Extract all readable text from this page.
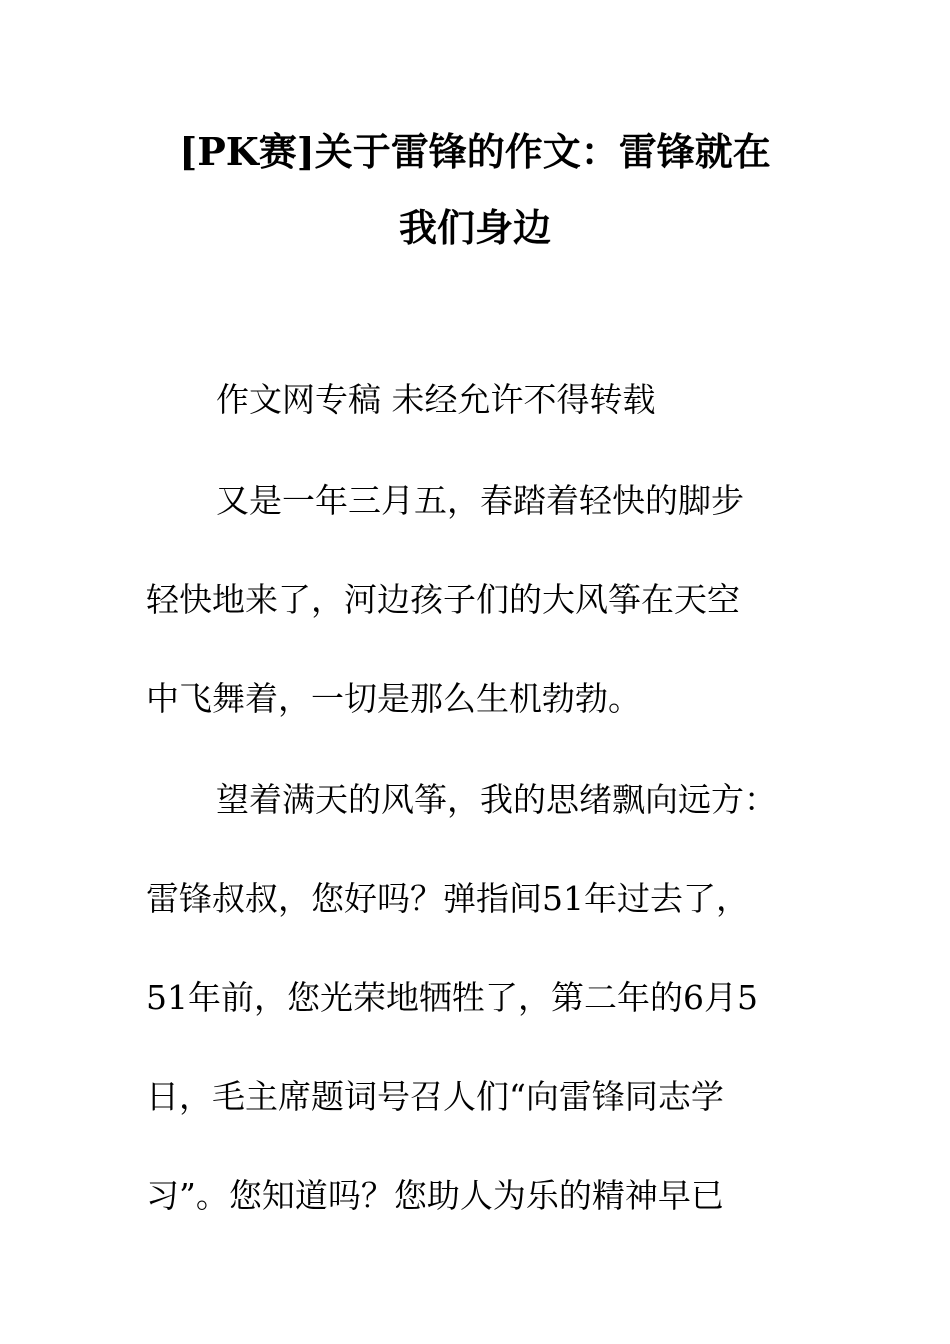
[PK赛]关于雷锋的作文：雷锋就在
我们身边
作文网专稿 未经允许不得转载
又是一年三月五，春踏着轻快的脚步
轻快地来了，河边孩子们的大风筝在天空
中飞舞着，一切是那么生机勃勃。
望着满天的风筝，我的思绪飘向远方：
雷锋叔叔，您好吗？弹指间51年过去了，
51年前，您光荣地牺牲了，第二年的6月5
日，毛主席题词号召人们“向雷锋同志学
习”。您知道吗？您助人为乐的精神早已
